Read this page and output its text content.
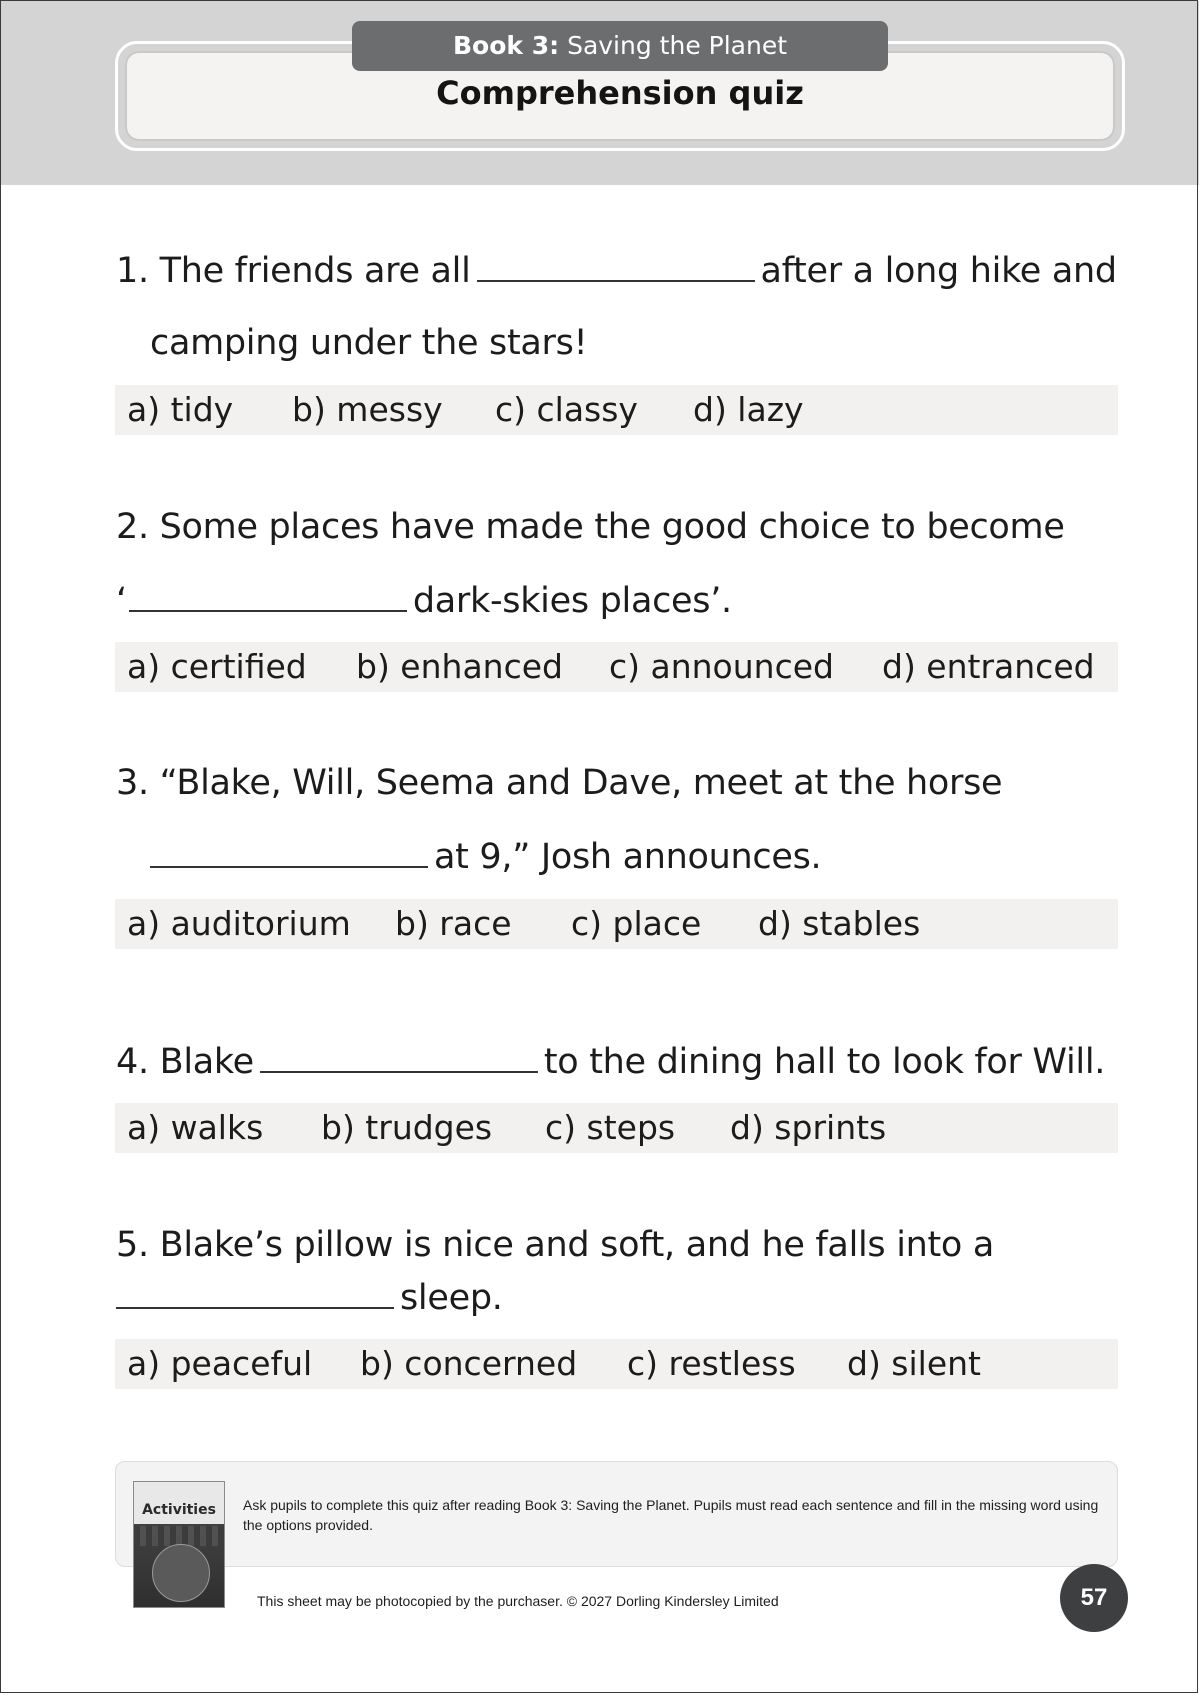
Book 3: Saving the Planet
Comprehension quiz
1. The friends are all	after a long hike and
camping under the stars!
a) tidy b) messy c) classy d) lazy
2. Some places have made the good choice to become
‘	dark-skies places’.
a) certified b) enhanced c) announced d) entranced
3. “Blake, Will, Seema and Dave, meet at the horse
at 9,” Josh announces.
a) auditorium b) race c) place d) stables
4. Blake	to the dining hall to look for Will.
a) walks b) trudges c) steps d) sprints
5. Blake’s pillow is nice and soft, and he falls into a
sleep.
a) peaceful b) concerned c) restless d) silent
Activities	Ask pupils to complete this quiz after reading Book 3: Saving the Planet. Pupils must read each sentence and fill in the missing word using the options provided.
This sheet may be photocopied by the purchaser. © 2027 Dorling Kindersley Limited	57
